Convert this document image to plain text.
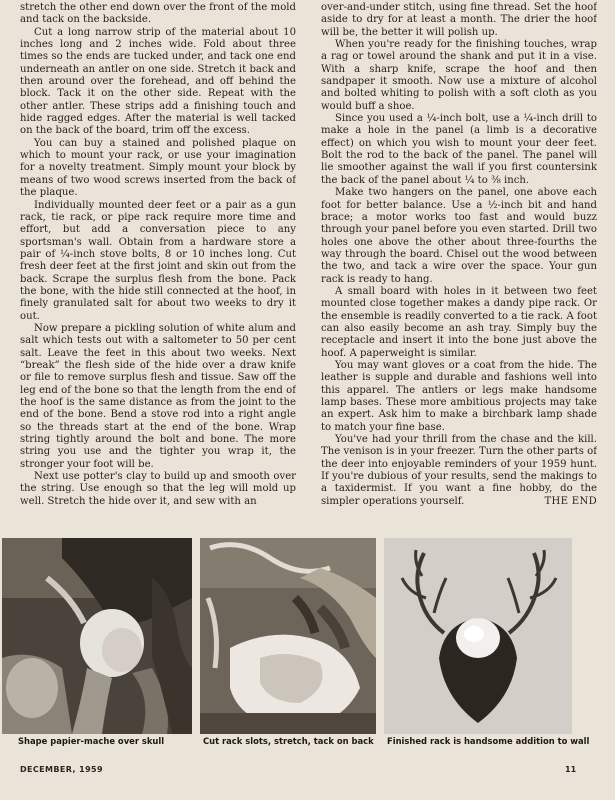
stretch the other end down over the front of the mold and tack on the backside.

Cut a long narrow strip of the material about 10 inches long and 2 inches wide. Fold about three times so the ends are tucked under, and tack one end underneath an antler on one side. Stretch it back and then around over the forehead, and off behind the block. Tack it on the other side. Repeat with the other antler. These strips add a finishing touch and hide ragged edges. After the material is well tacked on the back of the board, trim off the excess.

You can buy a stained and polished plaque on which to mount your rack, or use your imagination for a novelty treatment. Simply mount your block by means of two wood screws inserted from the back of the plaque.

Individually mounted deer feet or a pair as a gun rack, tie rack, or pipe rack require more time and effort, but add a conversation piece to any sportsman's wall. Obtain from a hardware store a pair of ¼-inch stove bolts, 8 or 10 inches long. Cut fresh deer feet at the first joint and skin out from the back. Scrape the surplus flesh from the bone. Pack the bone, with the hide still connected at the hoof, in finely granulated salt for about two weeks to dry it out.

Now prepare a pickling solution of white alum and salt which tests out with a saltometer to 50 per cent salt. Leave the feet in this about two weeks. Next “break” the flesh side of the hide over a draw knife or file to remove surplus flesh and tissue. Saw off the leg end of the bone so that the length from the end of the hoof is the same distance as from the joint to the end of the bone. Bend a stove rod into a right angle so the threads start at the end of the bone. Wrap string tightly around the bolt and bone. The more string you use and the tighter you wrap it, the stronger your foot will be.

Next use potter's clay to build up and smooth over the string. Use enough so that the leg will mold up well. Stretch the hide over it, and sew with an

over-and-under stitch, using fine thread. Set the hoof aside to dry for at least a month. The drier the hoof will be, the better it will polish up.

When you're ready for the finishing touches, wrap a rag or towel around the shank and put it in a vise. With a sharp knife, scrape the hoof and then sandpaper it smooth. Now use a mixture of alcohol and bolted whiting to polish with a soft cloth as you would buff a shoe.

Since you used a ¼-inch bolt, use a ¼-inch drill to make a hole in the panel (a limb is a decorative effect) on which you wish to mount your deer feet. Bolt the rod to the back of the panel. The panel will lie smoother against the wall if you first countersink the back of the panel about ¼ to ⅜ inch.

Make two hangers on the panel, one above each foot for better balance. Use a ½-inch bit and hand brace; a motor works too fast and would buzz through your panel before you even started. Drill two holes one above the other about three-fourths the way through the board. Chisel out the wood between the two, and tack a wire over the space. Your gun rack is ready to hang.

A small board with holes in it between two feet mounted close together makes a dandy pipe rack. Or the ensemble is readily converted to a tie rack. A foot can also easily become an ash tray. Simply buy the receptacle and insert it into the bone just above the hoof. A paperweight is similar.

You may want gloves or a coat from the hide. The leather is supple and durable and fashions well into this apparel. The antlers or legs make handsome lamp bases. These more ambitious projects may take an expert. Ask him to make a birchbark lamp shade to match your fine base.

You've had your thrill from the chase and the kill. The venison is in your freezer. Turn the other parts of the deer into enjoyable reminders of your 1959 hunt. If you're dubious of your results, send the makings to a taxidermist. If you want a fine hobby, do the simpler operations yourself.	THE END

Shape papier-mache over skull	Cut rack slots, stretch, tack on back Finished rack is handsome addition to wall
DECEMBER, 1959	11
